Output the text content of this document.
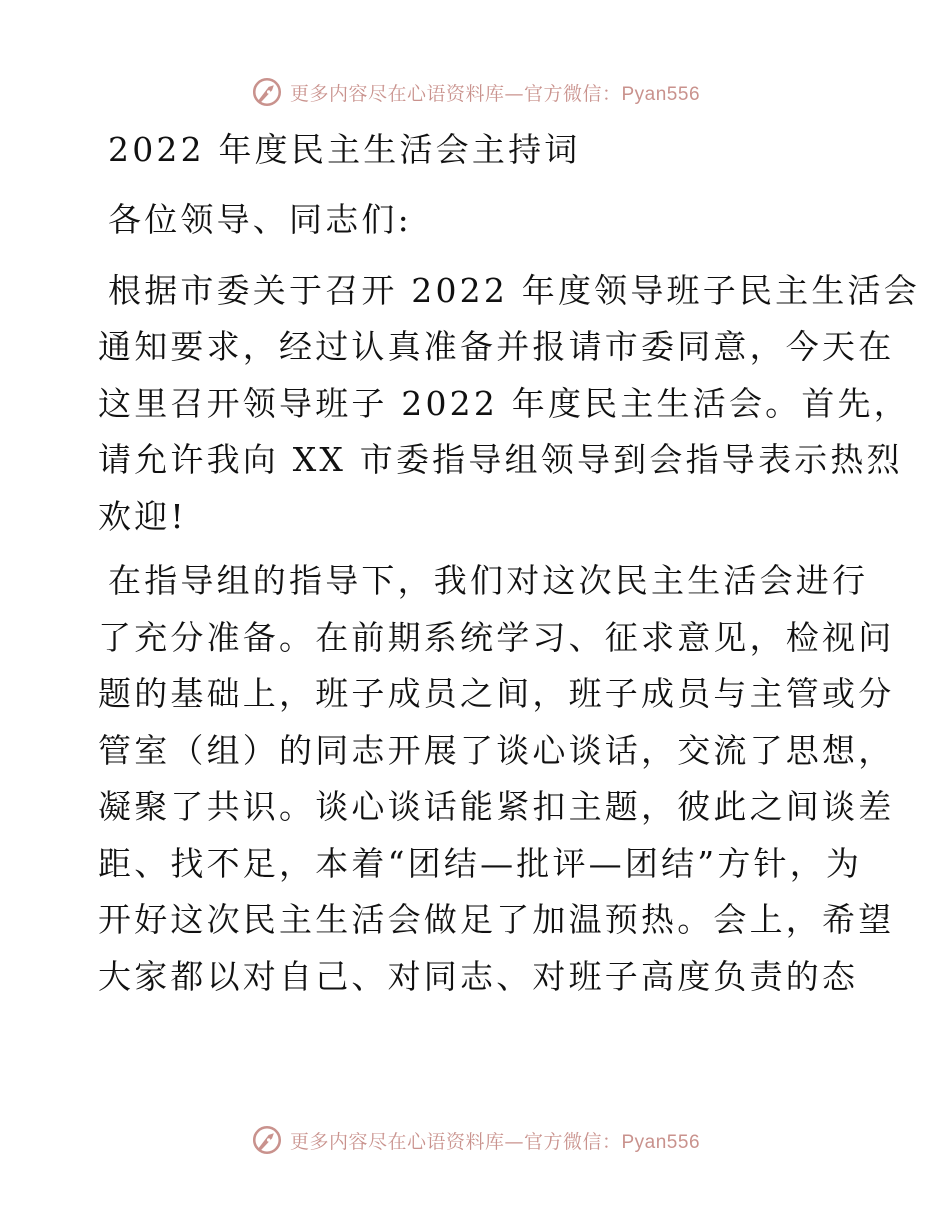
更多内容尽在心语资料库—官方微信：Pyan556
2022 年度民主生活会主持词
各位领导、同志们:
根据市委关于召开 2022 年度领导班子民主生活会
通知要求，经过认真准备并报请市委同意，今天在
这里召开领导班子 2022 年度民主生活会。首先，
请允许我向 XX 市委指导组领导到会指导表示热烈
欢迎!
在指导组的指导下，我们对这次民主生活会进行
了充分准备。在前期系统学习、征求意见，检视问
题的基础上，班子成员之间，班子成员与主管或分
管室（组）的同志开展了谈心谈话，交流了思想，
凝聚了共识。谈心谈话能紧扣主题，彼此之间谈差
距、找不足，本着“团结—批评—团结”方针，为
开好这次民主生活会做足了加温预热。会上，希望
大家都以对自己、对同志、对班子高度负责的态
更多内容尽在心语资料库—官方微信：Pyan556
